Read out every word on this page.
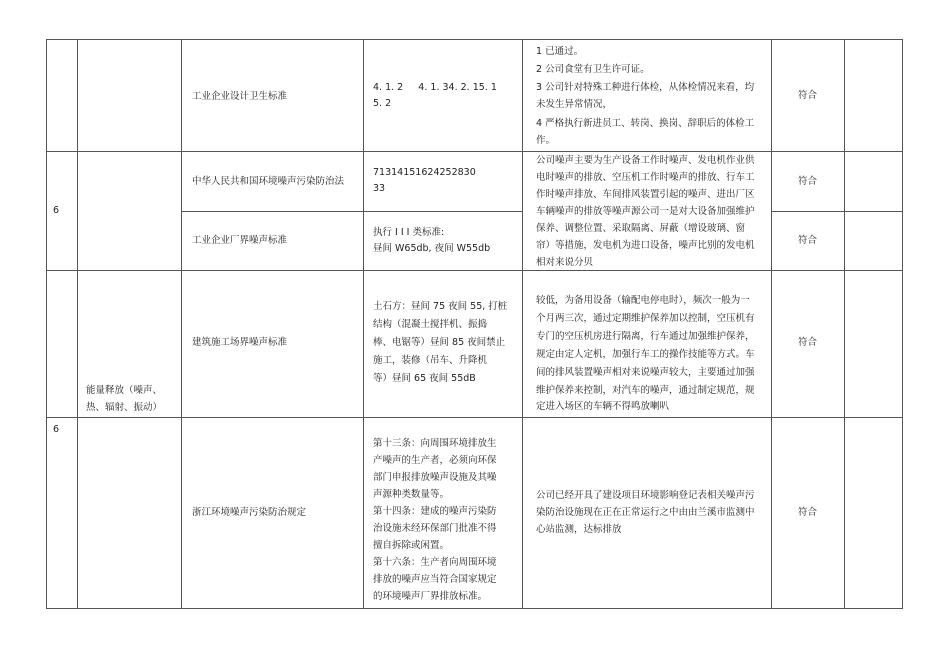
工业企业设计卫生标准
4. 1. 2     4. 1. 34. 2. 15. 1
5. 2
1 已通过。
2 公司食堂有卫生许可证。
3 公司针对特殊工种进行体检，从体检情况来看，均
未发生异常情况，
4 严格执行新进员工、转岗、换岗、辞职后的体检工
作。
符合
6
中华人民共和国环境噪声污染防治法
71314151624252830
33
符合
公司噪声主要为生产设备工作时噪声、发电机作业供
电时噪声的排放、空压机工作时噪声的排放、行车工
作时噪声排放、车间排风装置引起的噪声、进出厂区
车辆噪声的排放等噪声源公司一是对大设备加强维护
保养、调整位置、采取隔离、屏蔽（增设玻璃、窗
帘）等措施，发电机为进口设备，噪声比别的发电机
相对来说分贝
工业企业厂界噪声标准
执行 I I I 类标准:
昼间 W65db, 夜间 W55db
符合
能量释放（噪声、
热、辐射、振动）
建筑施工场界噪声标准
土石方：昼间 75 夜间 55, 打桩
结构（混凝土搅拌机、振捣
棒、电锯等）昼间 85 夜间禁止
施工，装修（吊车、升降机
等）昼间 65 夜间 55dB
较低，为备用设备（输配电停电时），频次一般为一
个月两三次，通过定期维护保养加以控制，空压机有
专门的空压机房进行隔离，行车通过加强维护保养，
规定由定人定机，加强行车工的操作技能等方式。车
间的排风装置噪声相对来说噪声较大，主要通过加强
维护保养来控制，对汽车的噪声，通过制定规范，规
定进入场区的车辆不得鸣放喇叭
符合
6
浙江环境噪声污染防治规定
第十三条：向周围环境排放生
产噪声的生产者，必须向环保
部门申报排放噪声设施及其噪
声源种类数量等。
第十四条：建成的噪声污染防
治设施未经环保部门批准不得
擅自拆除或闲置。
第十六条：生产者向周围环境
排放的噪声应当符合国家规定
的环境噪声厂界排放标准。
公司已经开具了建设项目环境影响登记表相关噪声污
染防治设施现在正在正常运行之中由由兰溪市监测中
心站监测，达标排放
符合
